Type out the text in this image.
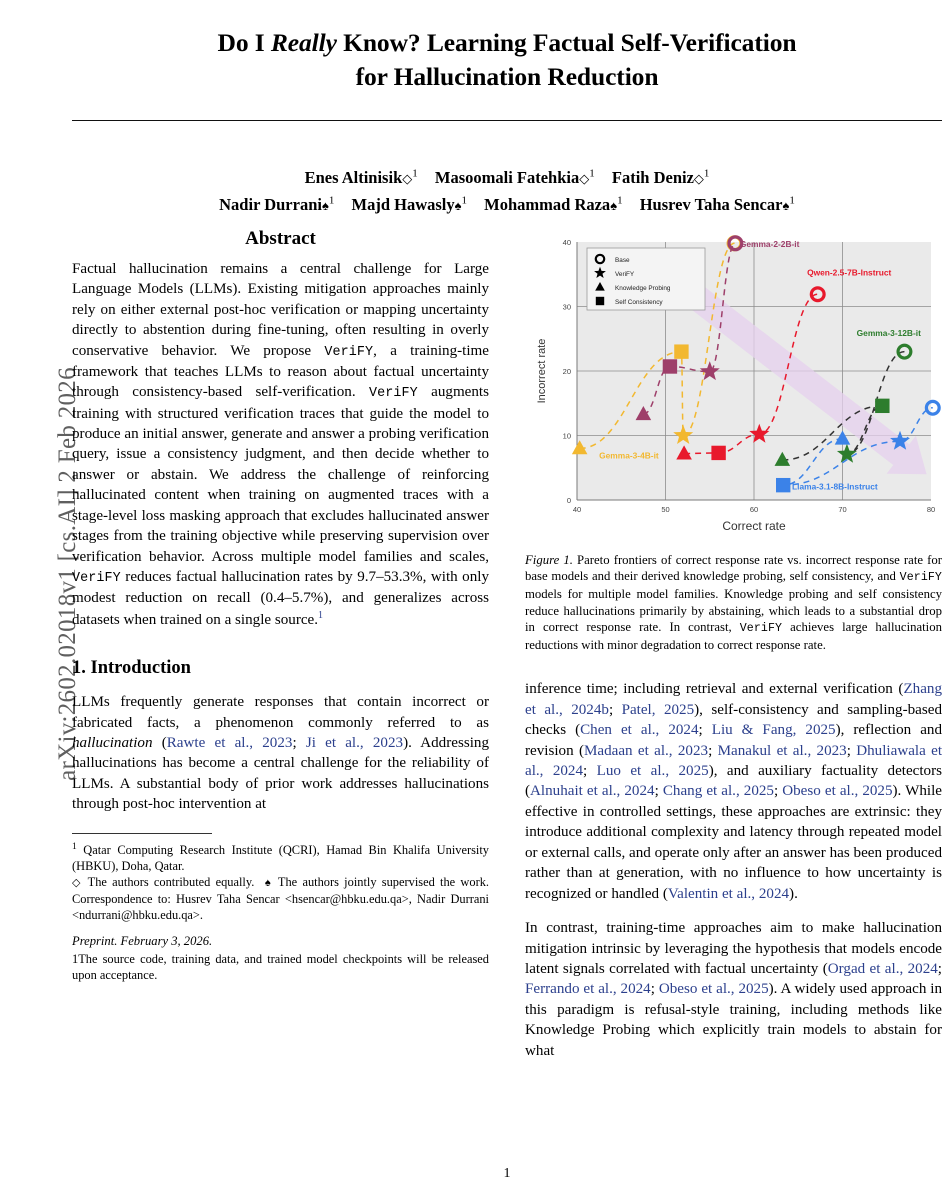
arXiv:2602.02018v1 [cs.AI] 2 Feb 2026
Do I Really Know? Learning Factual Self-Verification
for Hallucination Reduction
Enes Altinisik◇$^1$ Masoomali Fatehkia◇$^1$ Fatih Deniz◇$^1$
Nadir Durrani♠$^1$ Majd Hawasly♠$^1$ Mohammad Raza♠$^1$ Husrev Taha Sencar♠$^1$
Abstract

Factual hallucination remains a central challenge for Large Language Models (LLMs). Existing mitigation approaches mainly rely on either external post-hoc verification or mapping uncertainty directly to abstention during fine-tuning, often resulting in overly conservative behavior. We propose VeriFY, a training-time framework that teaches LLMs to reason about factual uncertainty through consistency-based self-verification. VeriFY augments training with structured verification traces that guide the model to produce an initial answer, generate and answer a probing verification query, issue a consistency judgment, and then decide whether to answer or abstain. We address the challenge of reinforcing hallucinated content when training on augmented traces with a stage-level loss masking approach that excludes hallucinated answer stages from the training objective while preserving supervision over verification behavior. Across multiple model families and scales, VeriFY reduces factual hallucination rates by 9.7–53.3%, with only modest reduction on recall (0.4–5.7%), and generalizes across datasets when trained on a single source.$^1$

1. Introduction

LLMs frequently generate responses that contain incorrect or fabricated facts, a phenomenon commonly referred to as hallucination (Rawte et al., 2023; Ji et al., 2023). Addressing hallucinations has become a central challenge for the reliability of LLMs. A substantial body of prior work addresses hallucinations through post-hoc intervention at

$^1$ Qatar Computing Research Institute (QCRI), Hamad Bin Khalifa University (HBKU), Doha, Qatar.
◇ The authors contributed equally. ♠ The authors jointly supervised the work. Correspondence to: Husrev Taha Sencar <hsencar@hbku.edu.qa>, Nadir Durrani <ndurrani@hbku.edu.qa>.

Preprint. February 3, 2026.

1The source code, training data, and trained model checkpoints will be released upon acceptance.

Gemma-3-4B-it
Gemma-2-2B-it
Qwen-2.5-7B-Instruct
Gemma-3-12B-it
Llama-3.1-8B-Instruct
40	50	60	70	80
0
10
20
30
40
Correct rate
Incorrect rate
Base
VeriFY
Knowledge Probing
Self Consistency

Figure 1. Pareto frontiers of correct response rate vs. incorrect response rate for base models and their derived knowledge probing, self consistency, and VeriFY models for multiple model families. Knowledge probing and self consistency reduce hallucinations primarily by abstaining, which leads to a substantial drop in correct response rate. In contrast, VeriFY achieves large hallucination reductions with minor degradation to correct response rate.

inference time; including retrieval and external verification (Zhang et al., 2024b; Patel, 2025), self-consistency and sampling-based checks (Chen et al., 2024; Liu & Fang, 2025), reflection and revision (Madaan et al., 2023; Manakul et al., 2023; Dhuliawala et al., 2024; Luo et al., 2025), and auxiliary factuality detectors (Alnuhait et al., 2024; Chang et al., 2025; Obeso et al., 2025). While effective in controlled settings, these approaches are extrinsic: they introduce additional complexity and latency through repeated model or external calls, and operate only after an answer has been produced rather than at generation, with no influence to how uncertainty is recognized or handled (Valentin et al., 2024).

In contrast, training-time approaches aim to make hallucination mitigation intrinsic by leveraging the hypothesis that models encode latent signals correlated with factual uncertainty (Orgad et al., 2024; Ferrando et al., 2024; Obeso et al., 2025). A widely used approach in this paradigm is refusal-style training, including methods like Knowledge Probing which explicitly train models to abstain for what

1
